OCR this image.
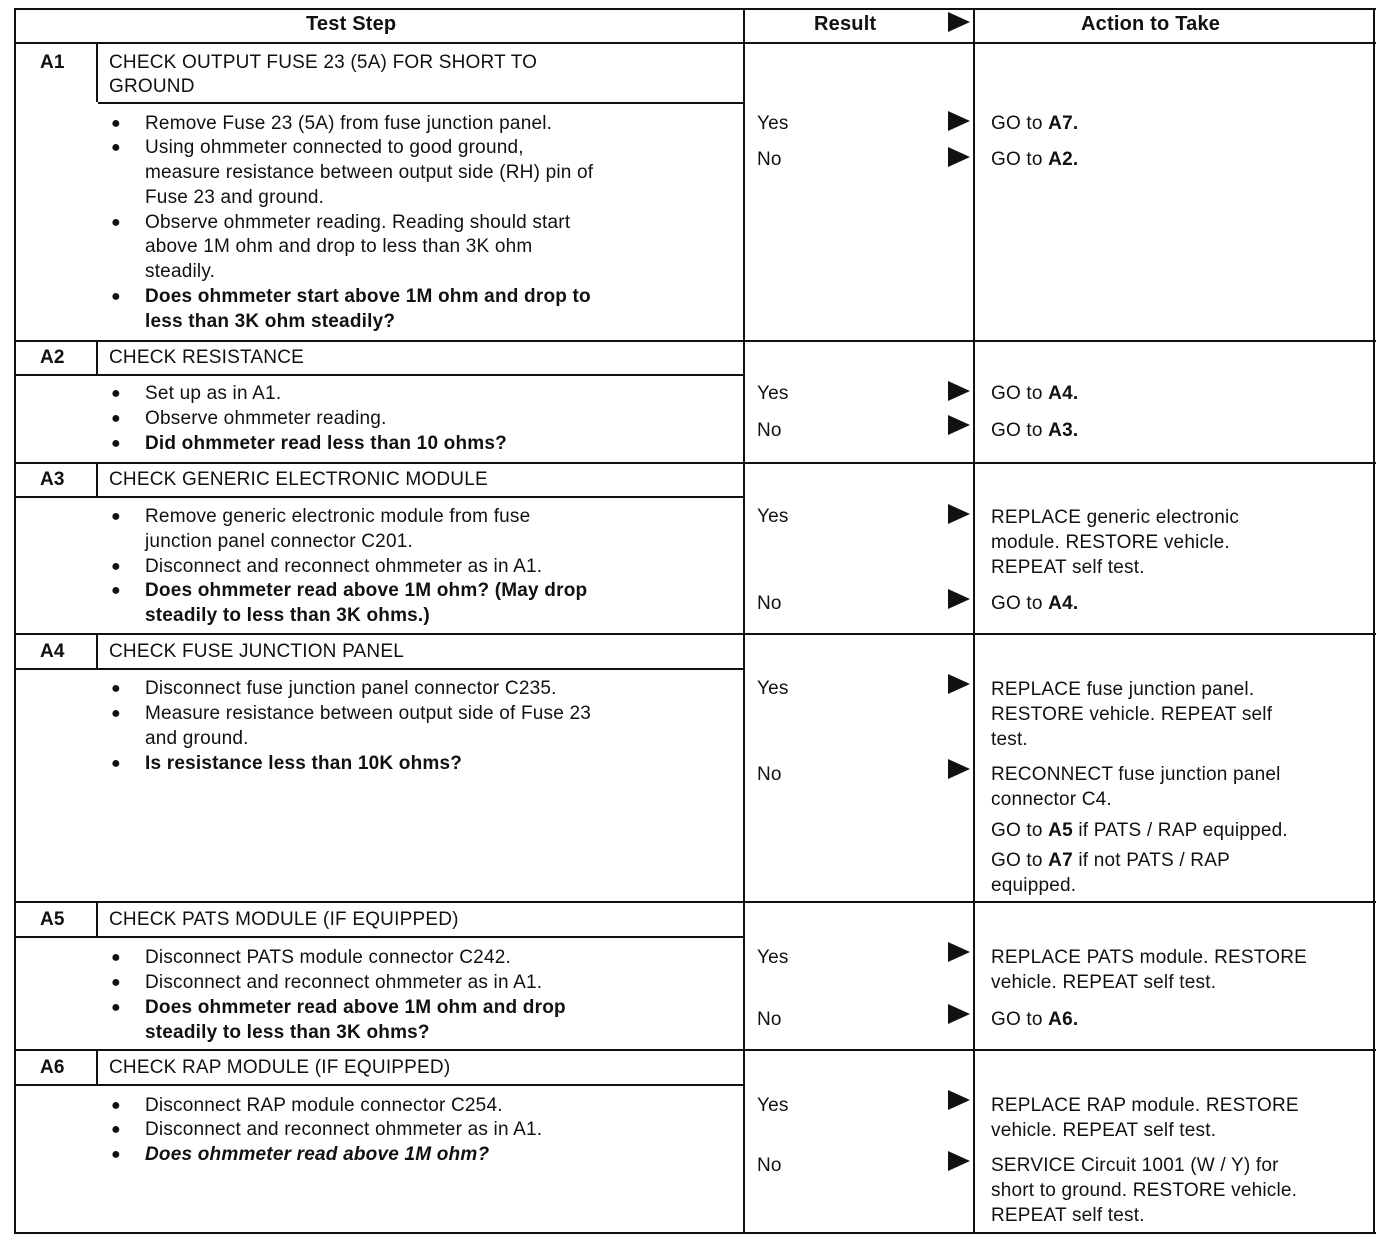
Test Step	Result	Action to Take
A1 CHECK OUTPUT FUSE 23 (5A) FOR SHORT TO
GROUND
● Remove Fuse 23 (5A) from fuse junction panel.
● Using ohmmeter connected to good ground,
measure resistance between output side (RH) pin of
Fuse 23 and ground.
● Observe ohmmeter reading. Reading should start
above 1M ohm and drop to less than 3K ohm
steadily.
● Does ohmmeter start above 1M ohm and drop to
less than 3K ohm steadily?
Yes	GO to A7.
No	GO to A2.
A2 CHECK RESISTANCE
● Set up as in A1.
● Observe ohmmeter reading.
● Did ohmmeter read less than 10 ohms?
Yes	GO to A4.
No	GO to A3.
A3 CHECK GENERIC ELECTRONIC MODULE
● Remove generic electronic module from fuse
junction panel connector C201.
● Disconnect and reconnect ohmmeter as in A1.
● Does ohmmeter read above 1M ohm? (May drop
steadily to less than 3K ohms.)
Yes	REPLACE generic electronic
module. RESTORE vehicle.
REPEAT self test.
No	GO to A4.
A4 CHECK FUSE JUNCTION PANEL
● Disconnect fuse junction panel connector C235.
● Measure resistance between output side of Fuse 23
and ground.
● Is resistance less than 10K ohms?
Yes	REPLACE fuse junction panel.
RESTORE vehicle. REPEAT self
test.
No	RECONNECT fuse junction panel
connector C4.
GO to A5 if PATS / RAP equipped.
GO to A7 if not PATS / RAP
equipped.
A5 CHECK PATS MODULE (IF EQUIPPED)
● Disconnect PATS module connector C242.
● Disconnect and reconnect ohmmeter as in A1.
● Does ohmmeter read above 1M ohm and drop
steadily to less than 3K ohms?
Yes	REPLACE PATS module. RESTORE
vehicle. REPEAT self test.
No	GO to A6.
A6 CHECK RAP MODULE (IF EQUIPPED)
● Disconnect RAP module connector C254.
● Disconnect and reconnect ohmmeter as in A1.
● Does ohmmeter read above 1M ohm?
Yes	REPLACE RAP module. RESTORE
vehicle. REPEAT self test.
No	SERVICE Circuit 1001 (W / Y) for
short to ground. RESTORE vehicle.
REPEAT self test.
